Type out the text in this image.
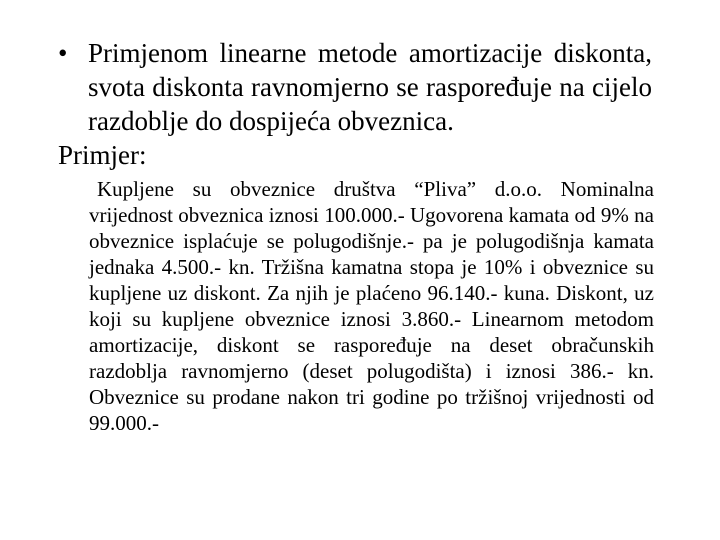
• Primjenom linearne metode amortizacije diskonta, svota diskonta ravnomjerno se raspoređuje na cijelo razdoblje do dospijeća obveznica.

Primjer:

Kupljene su obveznice društva “Pliva” d.o.o. Nominalna vrijednost obveznica iznosi 100.000.- Ugovorena kamata od 9% na obveznice isplaćuje se polugodišnje.- pa je polugodišnja kamata jednaka 4.500.- kn. Tržišna kamatna stopa je 10% i obveznice su kupljene uz diskont. Za njih je plaćeno 96.140.- kuna. Diskont, uz koji su kupljene obveznice iznosi 3.860.- Linearnom metodom amortizacije, diskont se raspoređuje na deset obračunskih razdoblja ravnomjerno (deset polugodišta) i iznosi 386.- kn. Obveznice su prodane nakon tri godine po tržišnoj vrijednosti od 99.000.-
